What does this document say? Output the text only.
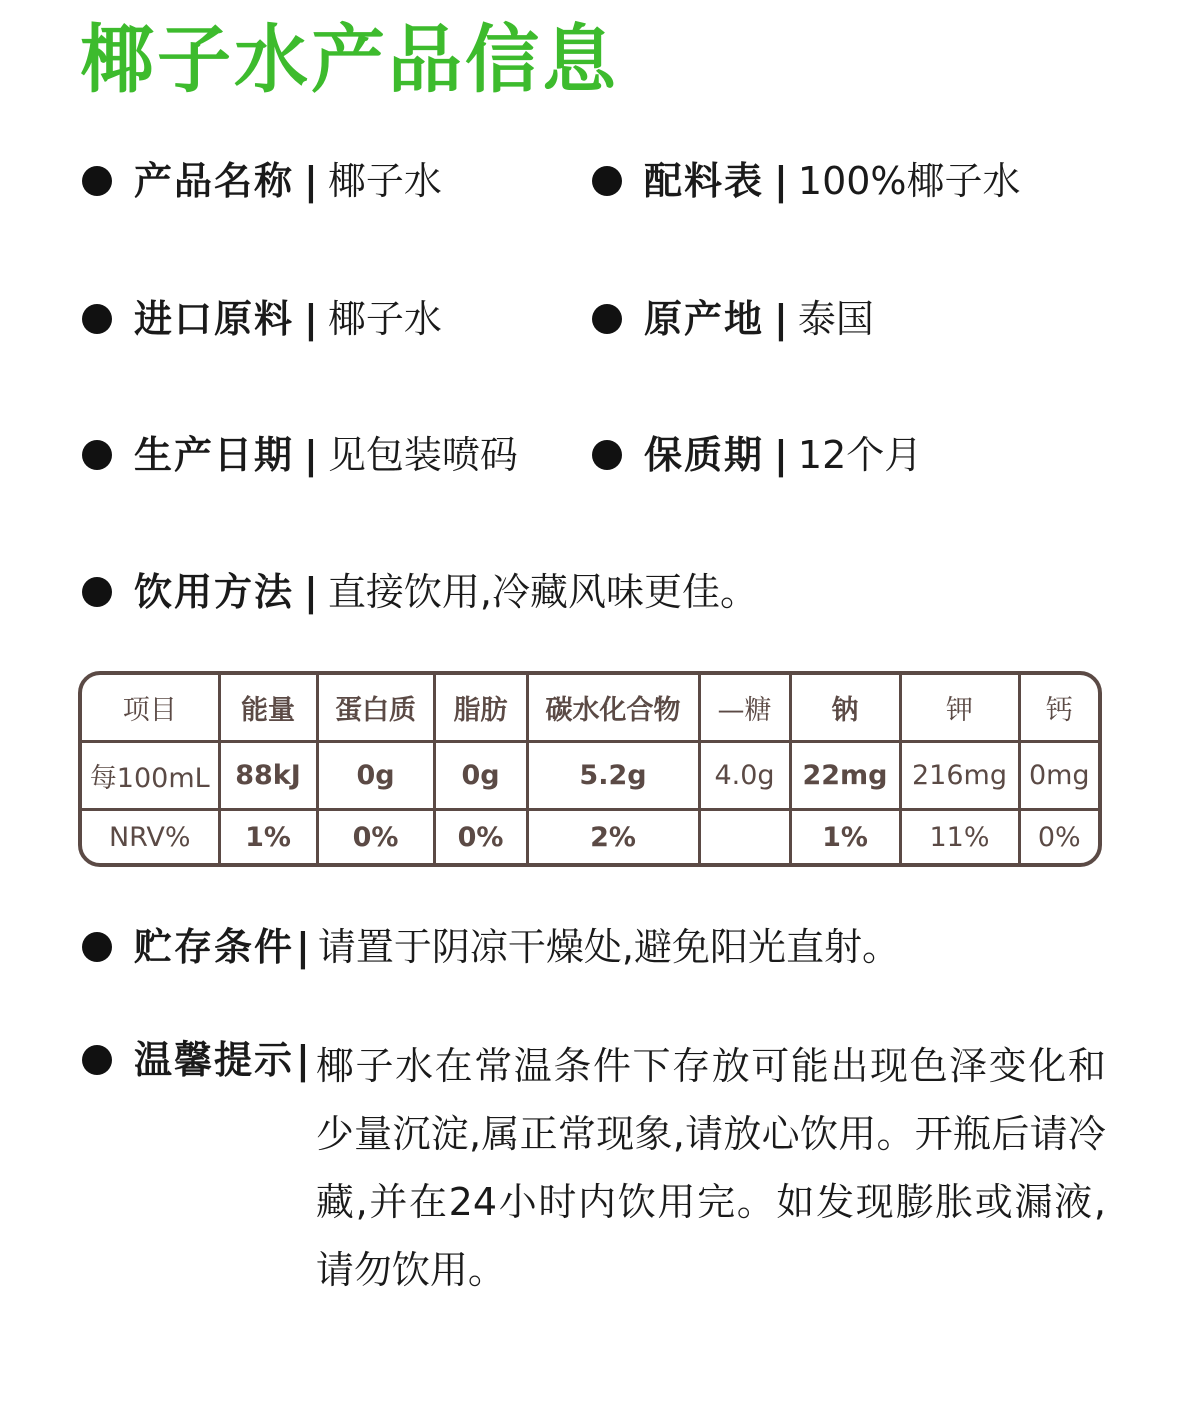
椰子水产品信息
产品名称 | 椰子水	配料表 | 100%椰子水
进口原料 | 椰子水	原产地 | 泰国
生产日期 | 见包装喷码	保质期 | 12个月
饮用方法 | 直接饮用,冷藏风味更佳。
项目	能量	蛋白质	脂肪	碳水化合物	—糖	钠	钾	钙
每100mL	88kJ	0g	0g	5.2g	4.0g	22mg	216mg	0mg
NRV%	1%	0%	0%	2%		1%	11%	0%
贮存条件 | 请置于阴凉干燥处,避免阳光直射。
温馨提示 | 椰子水在常温条件下存放可能出现色泽变化和少量沉淀,属正常现象,请放心饮用。开瓶后请冷藏,并在24小时内饮用完。如发现膨胀或漏液,请勿饮用。
